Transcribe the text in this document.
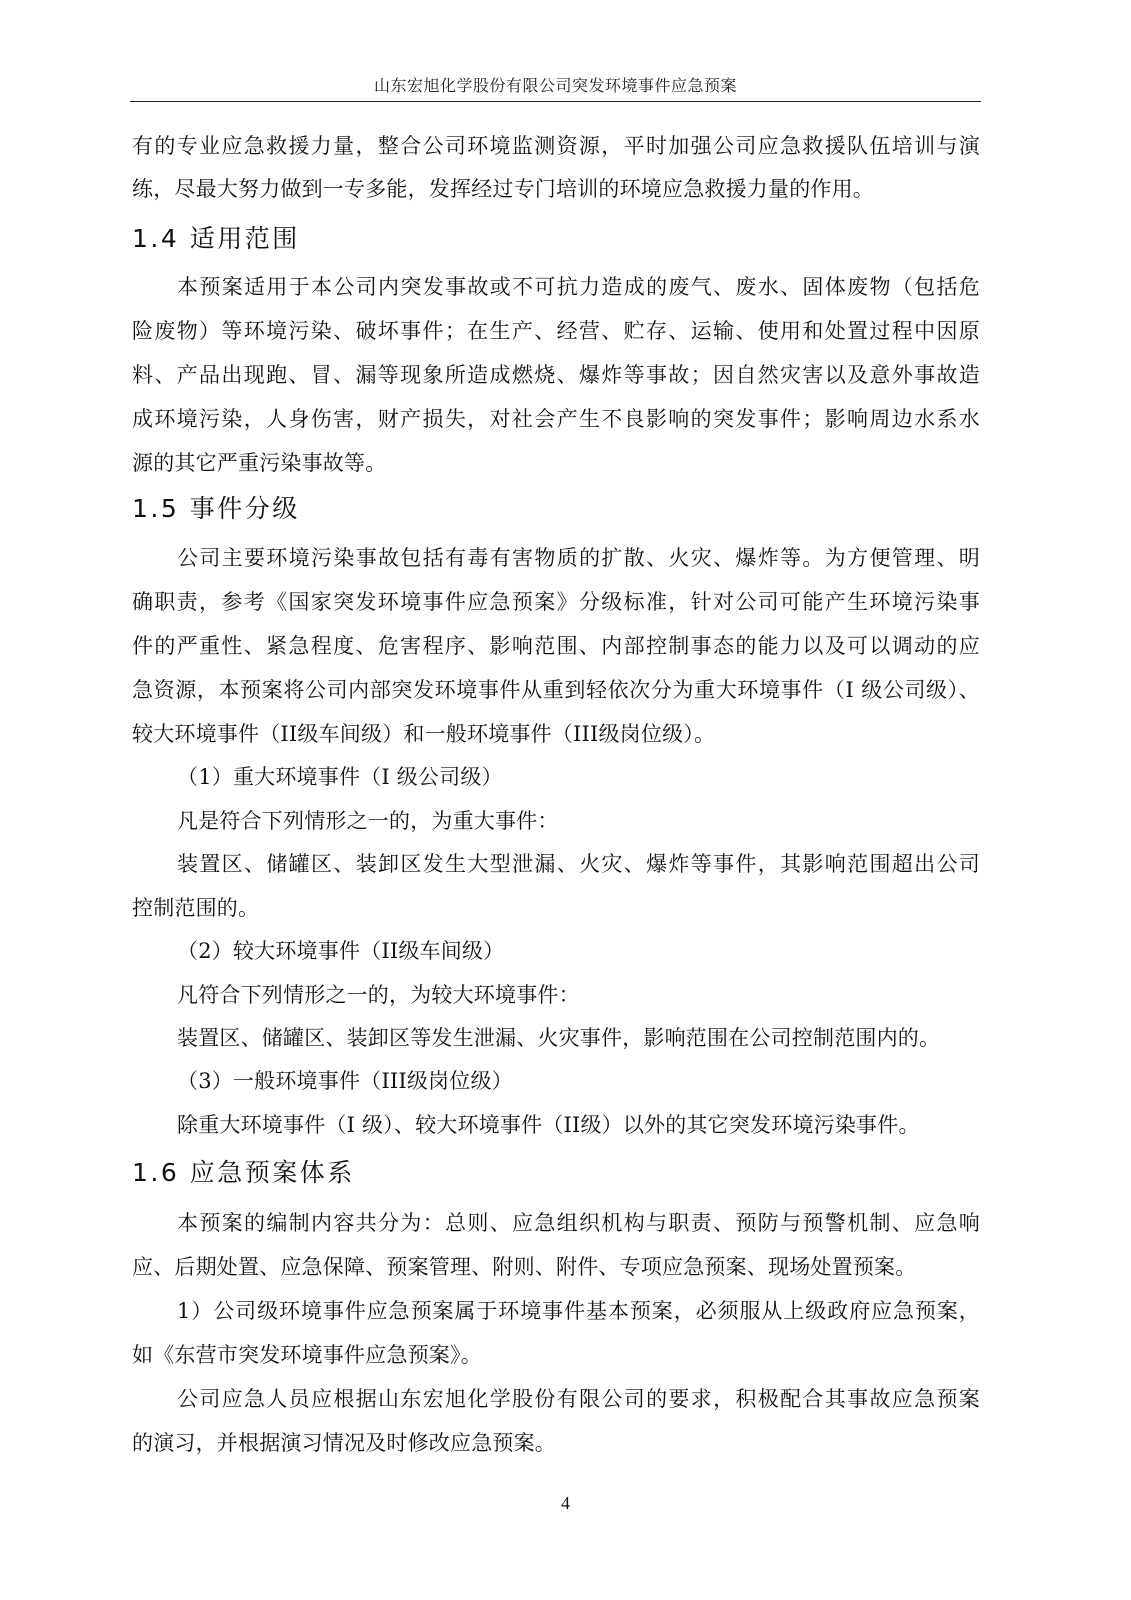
山东宏旭化学股份有限公司突发环境事件应急预案
有的专业应急救援力量，整合公司环境监测资源，平时加强公司应急救援队伍培训与演
练，尽最大努力做到一专多能，发挥经过专门培训的环境应急救援力量的作用。
1.4 适用范围
本预案适用于本公司内突发事故或不可抗力造成的废气、废水、固体废物（包括危
险废物）等环境污染、破坏事件；在生产、经营、贮存、运输、使用和处置过程中因原
料、产品出现跑、冒、漏等现象所造成燃烧、爆炸等事故；因自然灾害以及意外事故造
成环境污染，人身伤害，财产损失，对社会产生不良影响的突发事件；影响周边水系水
源的其它严重污染事故等。
1.5 事件分级
公司主要环境污染事故包括有毒有害物质的扩散、火灾、爆炸等。为方便管理、明
确职责，参考《国家突发环境事件应急预案》分级标准，针对公司可能产生环境污染事
件的严重性、紧急程度、危害程序、影响范围、内部控制事态的能力以及可以调动的应
急资源，本预案将公司内部突发环境事件从重到轻依次分为重大环境事件（I 级公司级）、
较大环境事件（II级车间级）和一般环境事件（III级岗位级）。
（1）重大环境事件（I 级公司级）
凡是符合下列情形之一的，为重大事件：
装置区、储罐区、装卸区发生大型泄漏、火灾、爆炸等事件，其影响范围超出公司
控制范围的。
（2）较大环境事件（II级车间级）
凡符合下列情形之一的，为较大环境事件：
装置区、储罐区、装卸区等发生泄漏、火灾事件，影响范围在公司控制范围内的。
（3）一般环境事件（III级岗位级）
除重大环境事件（I 级）、较大环境事件（II级）以外的其它突发环境污染事件。
1.6 应急预案体系
本预案的编制内容共分为：总则、应急组织机构与职责、预防与预警机制、应急响
应、后期处置、应急保障、预案管理、附则、附件、专项应急预案、现场处置预案。
1）公司级环境事件应急预案属于环境事件基本预案，必须服从上级政府应急预案，
如《东营市突发环境事件应急预案》。
公司应急人员应根据山东宏旭化学股份有限公司的要求，积极配合其事故应急预案
的演习，并根据演习情况及时修改应急预案。
4
